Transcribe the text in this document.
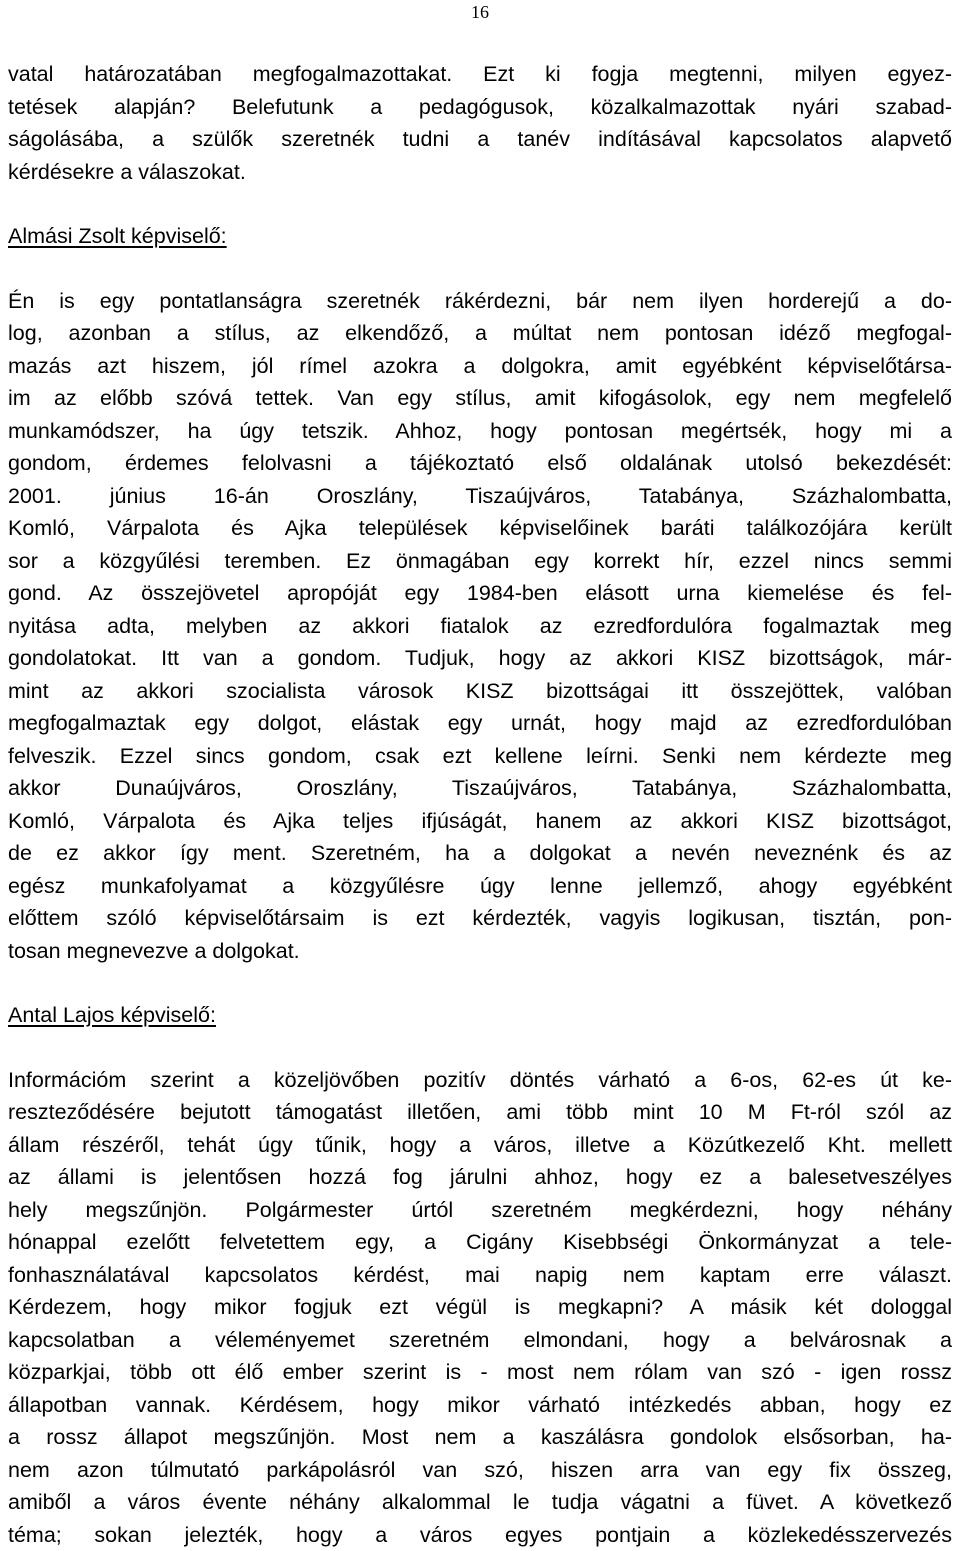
16
vatal határozatában megfogalmazottakat. Ezt ki fogja megtenni, milyen egyez-
tetések alapján? Belefutunk a pedagógusok, közalkalmazottak nyári szabad-
ságolásába, a szülők szeretnék tudni a tanév indításával kapcsolatos alapvető
kérdésekre a válaszokat.
Almási Zsolt képviselő:
Én is egy pontatlanságra szeretnék rákérdezni, bár nem ilyen horderejű a do-
log, azonban a stílus, az elkendőző, a múltat nem pontosan idéző megfogal-
mazás azt hiszem, jól rímel azokra a dolgokra, amit egyébként képviselőtársa-
im az előbb szóvá tettek. Van egy stílus, amit kifogásolok, egy nem megfelelő
munkamódszer, ha úgy tetszik. Ahhoz, hogy pontosan megértsék, hogy mi a
gondom, érdemes felolvasni a tájékoztató első oldalának utolsó bekezdését:
2001. június 16-án Oroszlány, Tiszaújváros, Tatabánya, Százhalombatta,
Komló, Várpalota és Ajka települések képviselőinek baráti találkozójára került
sor a közgyűlési teremben. Ez önmagában egy korrekt hír, ezzel nincs semmi
gond. Az összejövetel apropóját egy 1984-ben elásott urna kiemelése és fel-
nyitása adta, melyben az akkori fiatalok az ezredfordulóra fogalmaztak meg
gondolatokat. Itt van a gondom. Tudjuk, hogy az akkori KISZ bizottságok, már-
mint az akkori szocialista városok KISZ bizottságai itt összejöttek, valóban
megfogalmaztak egy dolgot, elástak egy urnát, hogy majd az ezredfordulóban
felveszik. Ezzel sincs gondom, csak ezt kellene leírni. Senki nem kérdezte meg
akkor Dunaújváros, Oroszlány, Tiszaújváros, Tatabánya, Százhalombatta,
Komló, Várpalota és Ajka teljes ifjúságát, hanem az akkori KISZ bizottságot,
de ez akkor így ment. Szeretném, ha a dolgokat a nevén neveznénk és az
egész munkafolyamat a közgyűlésre úgy lenne jellemző, ahogy egyébként
előttem szóló képviselőtársaim is ezt kérdezték, vagyis logikusan, tisztán, pon-
tosan megnevezve a dolgokat.
Antal Lajos képviselő:
Információm szerint a közeljövőben pozitív döntés várható a 6-os, 62-es út ke-
reszteződésére bejutott támogatást illetően, ami több mint 10 M Ft-ról szól az
állam részéről, tehát úgy tűnik, hogy a város, illetve a Közútkezelő Kht. mellett
az állami is jelentősen hozzá fog járulni ahhoz, hogy ez a balesetveszélyes
hely megszűnjön. Polgármester úrtól szeretném megkérdezni, hogy néhány
hónappal ezelőtt felvetettem egy, a Cigány Kisebbségi Önkormányzat a tele-
fonhasználatával kapcsolatos kérdést, mai napig nem kaptam erre választ.
Kérdezem, hogy mikor fogjuk ezt végül is megkapni? A másik két dologgal
kapcsolatban a véleményemet szeretném elmondani, hogy a belvárosnak a
közparkjai, több ott élő ember szerint is - most nem rólam van szó - igen rossz
állapotban vannak. Kérdésem, hogy mikor várható intézkedés abban, hogy ez
a rossz állapot megszűnjön. Most nem a kaszálásra gondolok elsősorban, ha-
nem azon túlmutató parkápolásról van szó, hiszen arra van egy fix összeg,
amiből a város évente néhány alkalommal le tudja vágatni a füvet. A következő
téma; sokan jelezték, hogy a város egyes pontjain a közlekedésszervezés
